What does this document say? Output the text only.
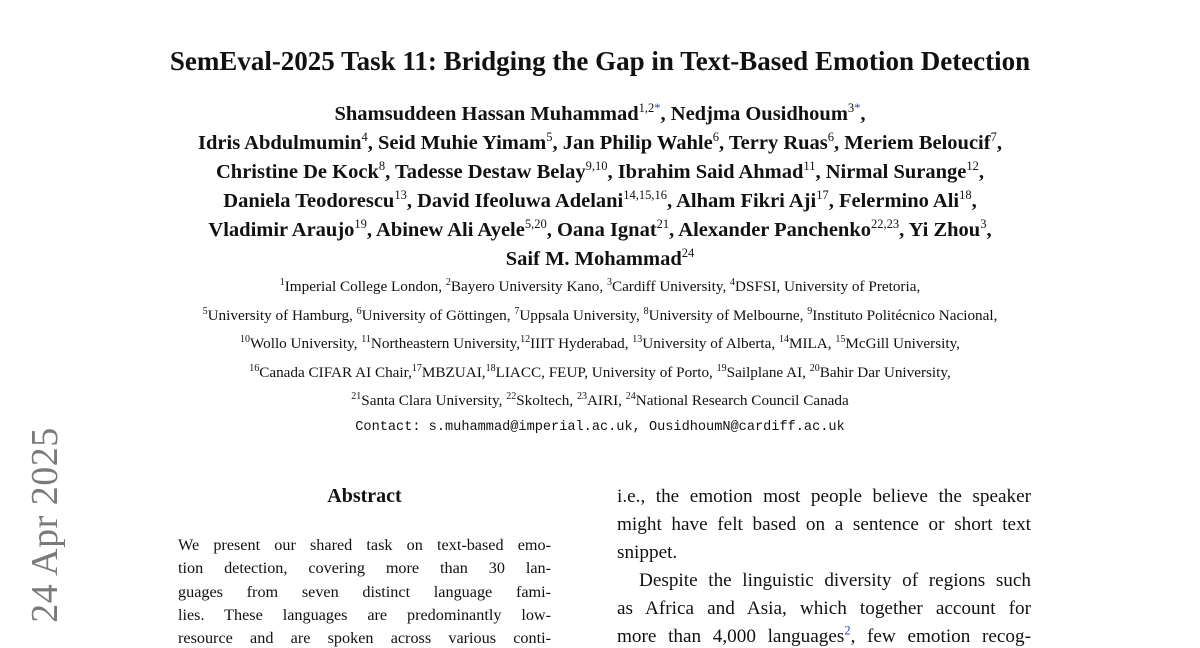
24 Apr 2025
SemEval-2025 Task 11: Bridging the Gap in Text-Based Emotion Detection
Shamsuddeen Hassan Muhammad$^{1,2*}$, Nedjma Ousidhoum$^{3*}$,
Idris Abdulmumin$^4$, Seid Muhie Yimam$^5$, Jan Philip Wahle$^6$, Terry Ruas$^6$, Meriem Beloucif$^7$,
Christine De Kock$^8$, Tadesse Destaw Belay$^{9,10}$, Ibrahim Said Ahmad$^{11}$, Nirmal Surange$^{12}$,
Daniela Teodorescu$^{13}$, David Ifeoluwa Adelani$^{14,15,16}$, Alham Fikri Aji$^{17}$, Felermino Ali$^{18}$,
Vladimir Araujo$^{19}$, Abinew Ali Ayele$^{5,20}$, Oana Ignat$^{21}$, Alexander Panchenko$^{22,23}$, Yi Zhou$^3$,
Saif M. Mohammad$^{24}$
$^1$Imperial College London, $^2$Bayero University Kano, $^3$Cardiff University, $^4$DSFSI, University of Pretoria,
$^5$University of Hamburg, $^6$University of Göttingen, $^7$Uppsala University, $^8$University of Melbourne, $^9$Instituto Politécnico Nacional,
$^{10}$Wollo University, $^{11}$Northeastern University,$^{12}$IIIT Hyderabad, $^{13}$University of Alberta, $^{14}$MILA, $^{15}$McGill University,
$^{16}$Canada CIFAR AI Chair,$^{17}$MBZUAI,$^{18}$LIACC, FEUP, University of Porto, $^{19}$Sailplane AI, $^{20}$Bahir Dar University,
$^{21}$Santa Clara University, $^{22}$Skoltech, $^{23}$AIRI, $^{24}$National Research Council Canada
Contact: s.muhammad@imperial.ac.uk, OusidhoumN@cardiff.ac.uk
Abstract
We present our shared task on text-based emo-
tion detection, covering more than 30 lan-
guages from seven distinct language fami-
lies. These languages are predominantly low-
resource and are spoken across various conti-
i.e., the emotion most people believe the speaker
might have felt based on a sentence or short text
snippet.
Despite the linguistic diversity of regions such
as Africa and Asia, which together account for
more than 4,000 languages$^2$, few emotion recog-
